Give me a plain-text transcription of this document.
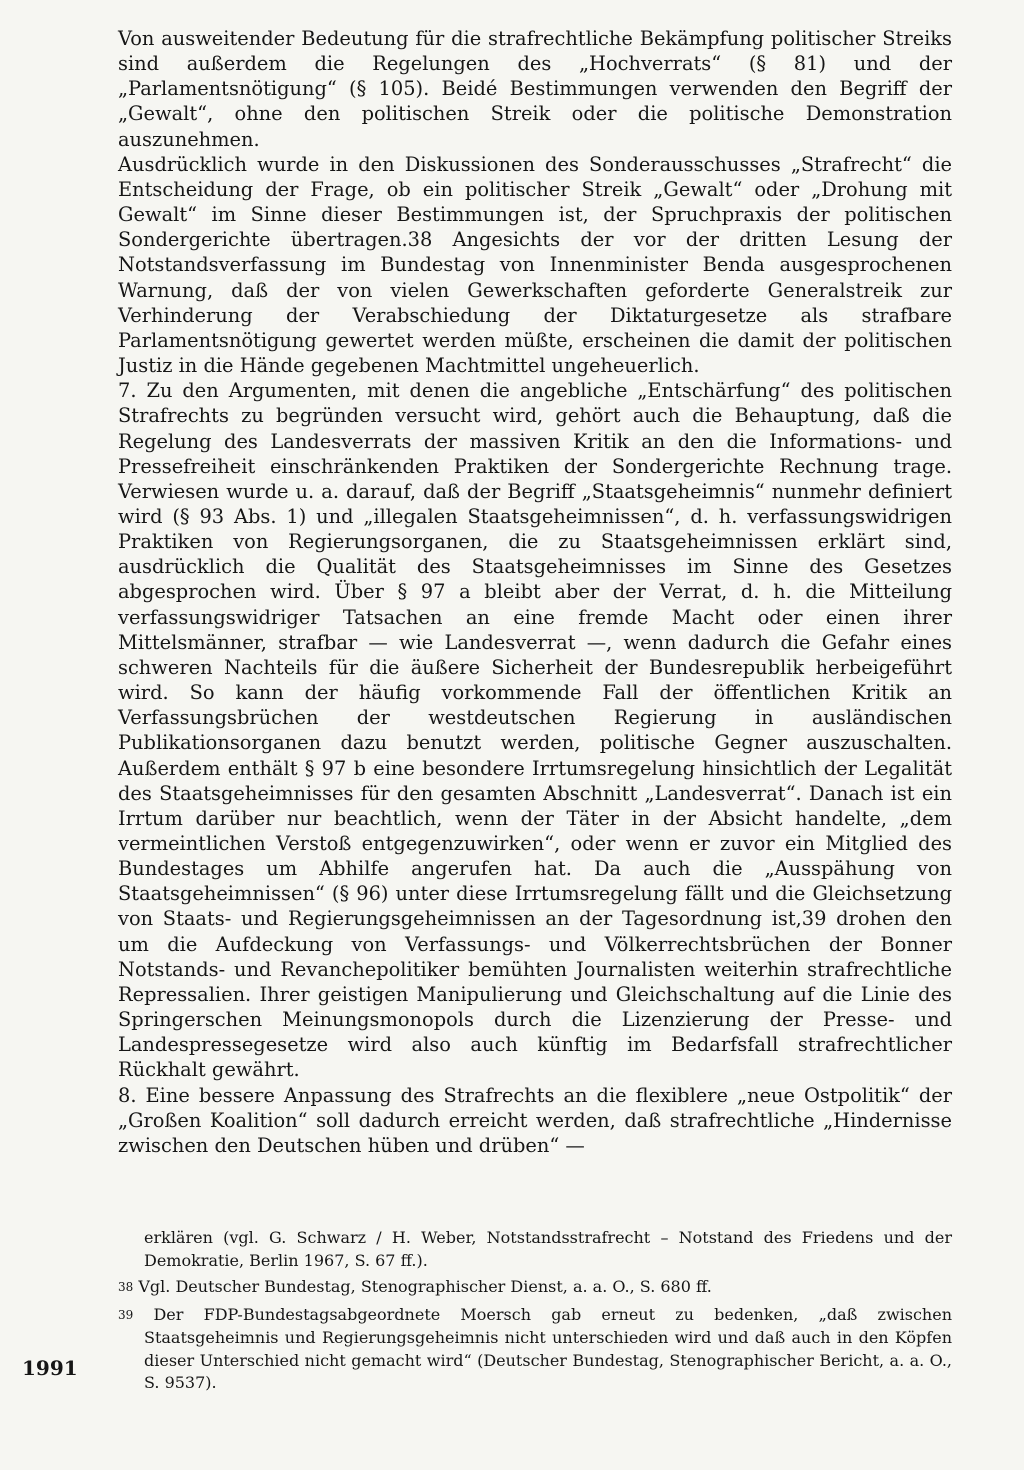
Von ausweitender Bedeutung für die strafrechtliche Bekämpfung politischer Streiks sind außerdem die Regelungen des „Hochverrats“ (§ 81) und der „Parlamentsnötigung“ (§ 105). Beidé Bestimmungen verwenden den Begriff der „Gewalt“, ohne den politischen Streik oder die politische Demonstration auszunehmen.

Ausdrücklich wurde in den Diskussionen des Sonderausschusses „Strafrecht“ die Entscheidung der Frage, ob ein politischer Streik „Gewalt“ oder „Drohung mit Gewalt“ im Sinne dieser Bestimmungen ist, der Spruchpraxis der politischen Sondergerichte übertragen.38 Angesichts der vor der dritten Lesung der Notstandsverfassung im Bundestag von Innenminister Benda ausgesprochenen Warnung, daß der von vielen Gewerkschaften geforderte Generalstreik zur Verhinderung der Verabschiedung der Diktaturgesetze als strafbare Parlamentsnötigung gewertet werden müßte, erscheinen die damit der politischen Justiz in die Hände gegebenen Machtmittel ungeheuerlich.

7. Zu den Argumenten, mit denen die angebliche „Entschärfung“ des politischen Strafrechts zu begründen versucht wird, gehört auch die Behauptung, daß die Regelung des Landesverrats der massiven Kritik an den die Informations- und Pressefreiheit einschränkenden Praktiken der Sondergerichte Rechnung trage. Verwiesen wurde u. a. darauf, daß der Begriff „Staatsgeheimnis“ nunmehr definiert wird (§ 93 Abs. 1) und „illegalen Staatsgeheimnissen“, d. h. verfassungswidrigen Praktiken von Regierungsorganen, die zu Staatsgeheimnissen erklärt sind, ausdrücklich die Qualität des Staatsgeheimnisses im Sinne des Gesetzes abgesprochen wird. Über § 97 a bleibt aber der Verrat, d. h. die Mitteilung verfassungswidriger Tatsachen an eine fremde Macht oder einen ihrer Mittelsmänner, strafbar — wie Landesverrat —, wenn dadurch die Gefahr eines schweren Nachteils für die äußere Sicherheit der Bundesrepublik herbeigeführt wird. So kann der häufig vorkommende Fall der öffentlichen Kritik an Verfassungsbrüchen der westdeutschen Regierung in ausländischen Publikationsorganen dazu benutzt werden, politische Gegner auszuschalten. Außerdem enthält § 97 b eine besondere Irrtumsregelung hinsichtlich der Legalität des Staatsgeheimnisses für den gesamten Abschnitt „Landesverrat“. Danach ist ein Irrtum darüber nur beachtlich, wenn der Täter in der Absicht handelte, „dem vermeintlichen Verstoß entgegenzuwirken“, oder wenn er zuvor ein Mitglied des Bundestages um Abhilfe angerufen hat. Da auch die „Ausspähung von Staatsgeheimnissen“ (§ 96) unter diese Irrtumsregelung fällt und die Gleichsetzung von Staats- und Regierungsgeheimnissen an der Tagesordnung ist,39 drohen den um die Aufdeckung von Verfassungs- und Völkerrechtsbrüchen der Bonner Notstands- und Revanchepolitiker bemühten Journalisten weiterhin strafrechtliche Repressalien. Ihrer geistigen Manipulierung und Gleichschaltung auf die Linie des Springerschen Meinungsmonopols durch die Lizenzierung der Presse- und Landespressegesetze wird also auch künftig im Bedarfsfall strafrechtlicher Rückhalt gewährt.

8. Eine bessere Anpassung des Strafrechts an die flexiblere „neue Ostpolitik“ der „Großen Koalition“ soll dadurch erreicht werden, daß strafrechtliche „Hindernisse zwischen den Deutschen hüben und drüben“ —

erklären (vgl. G. Schwarz / H. Weber, Notstandsstrafrecht – Notstand des Friedens und der Demokratie, Berlin 1967, S. 67 ff.).

38 Vgl. Deutscher Bundestag, Stenographischer Dienst, a. a. O., S. 680 ff.

39 Der FDP-Bundestagsabgeordnete Moersch gab erneut zu bedenken, „daß zwischen Staatsgeheimnis und Regierungsgeheimnis nicht unterschieden wird und daß auch in den Köpfen dieser Unterschied nicht gemacht wird“ (Deutscher Bundestag, Stenographischer Bericht, a. a. O., S. 9537).

1991
